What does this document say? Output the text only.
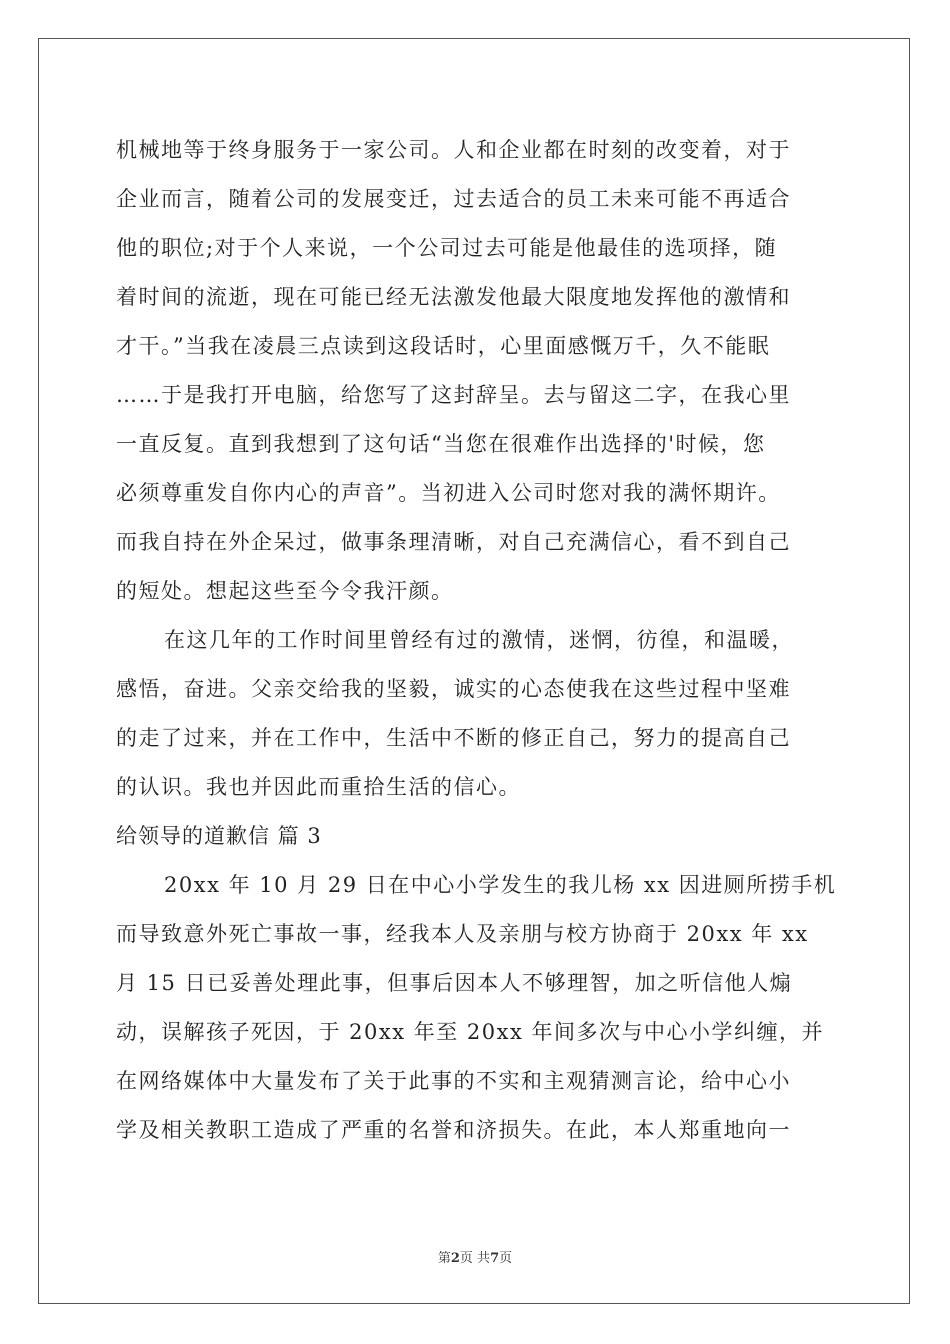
机械地等于终身服务于一家公司。人和企业都在时刻的改变着，对于
企业而言，随着公司的发展变迁，过去适合的员工未来可能不再适合
他的职位;对于个人来说，一个公司过去可能是他最佳的选项择，随
着时间的流逝，现在可能已经无法激发他最大限度地发挥他的激情和
才干。”当我在凌晨三点读到这段话时，心里面感慨万千，久不能眠
……于是我打开电脑，给您写了这封辞呈。去与留这二字，在我心里
一直反复。直到我想到了这句话“当您在很难作出选择的'时候，您
必须尊重发自你内心的声音”。当初进入公司时您对我的满怀期许。
而我自持在外企呆过，做事条理清晰，对自己充满信心，看不到自己
的短处。想起这些至今令我汗颜。
在这几年的工作时间里曾经有过的激情，迷惘，彷徨，和温暖，
感悟，奋进。父亲交给我的坚毅，诚实的心态使我在这些过程中坚难
的走了过来，并在工作中，生活中不断的修正自己，努力的提高自己
的认识。我也并因此而重拾生活的信心。
给领导的道歉信 篇 3
20xx 年 10 月 29 日在中心小学发生的我儿杨 xx 因进厕所捞手机
而导致意外死亡事故一事，经我本人及亲朋与校方协商于 20xx 年 xx
月 15 日已妥善处理此事，但事后因本人不够理智，加之听信他人煽
动，误解孩子死因，于 20xx 年至 20xx 年间多次与中心小学纠缠，并
在网络媒体中大量发布了关于此事的不实和主观猜测言论，给中心小
学及相关教职工造成了严重的名誉和济损失。在此，本人郑重地向一
第2页 共7页
